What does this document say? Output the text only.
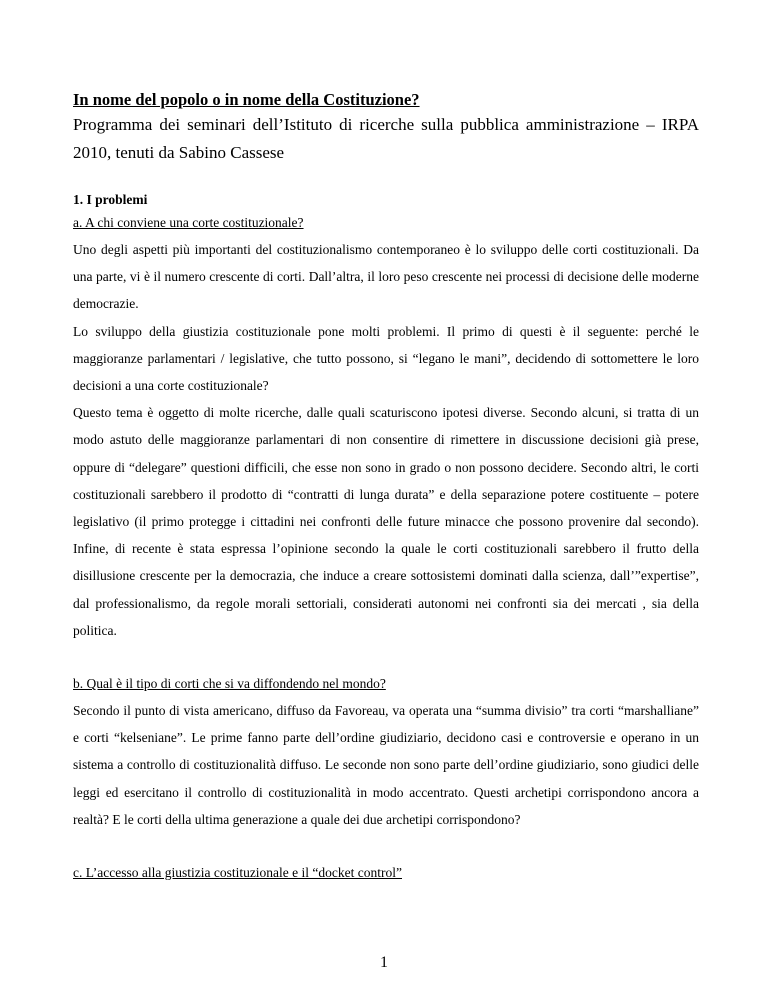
In nome del popolo o in nome della Costituzione?

Programma dei seminari dell’Istituto di ricerche sulla pubblica amministrazione – IRPA 2010, tenuti da Sabino Cassese

1. I problemi

a. A chi conviene una corte costituzionale?

Uno degli aspetti più importanti del costituzionalismo contemporaneo è lo sviluppo delle corti costituzionali. Da una parte, vi è il numero crescente di corti. Dall’altra, il loro peso crescente nei processi di decisione delle moderne democrazie.

Lo sviluppo della giustizia costituzionale pone molti problemi. Il primo di questi è il seguente: perché le maggioranze parlamentari / legislative, che tutto possono, si “legano le mani”, decidendo di sottomettere le loro decisioni a una corte costituzionale?

Questo tema è oggetto di molte ricerche, dalle quali scaturiscono ipotesi diverse. Secondo alcuni, si tratta di un modo astuto delle maggioranze parlamentari di non consentire di rimettere in discussione decisioni già prese, oppure di “delegare” questioni difficili, che esse non sono in grado o non possono decidere. Secondo altri, le corti costituzionali sarebbero il prodotto di “contratti di lunga durata” e della separazione potere costituente – potere legislativo (il primo protegge i cittadini nei confronti delle future minacce che possono provenire dal secondo). Infine, di recente è stata espressa l’opinione secondo la quale le corti costituzionali sarebbero il frutto della disillusione crescente per la democrazia, che induce a creare sottosistemi dominati dalla scienza, dall’”expertise”, dal professionalismo, da regole morali settoriali, considerati autonomi nei confronti sia dei mercati , sia della politica.

b. Qual è il tipo di corti che si va diffondendo nel mondo?

Secondo il punto di vista americano, diffuso da Favoreau, va operata una “summa divisio” tra corti “marshalliane” e corti “kelseniane”. Le prime fanno parte dell’ordine giudiziario, decidono casi e controversie e operano in un sistema a controllo di costituzionalità diffuso. Le seconde non sono parte dell’ordine giudiziario, sono giudici delle leggi ed esercitano il controllo di costituzionalità in modo accentrato. Questi archetipi corrispondono ancora a realtà? E le corti della ultima generazione a quale dei due archetipi corrispondono?

c. L’accesso alla giustizia costituzionale e il “docket control”

1
